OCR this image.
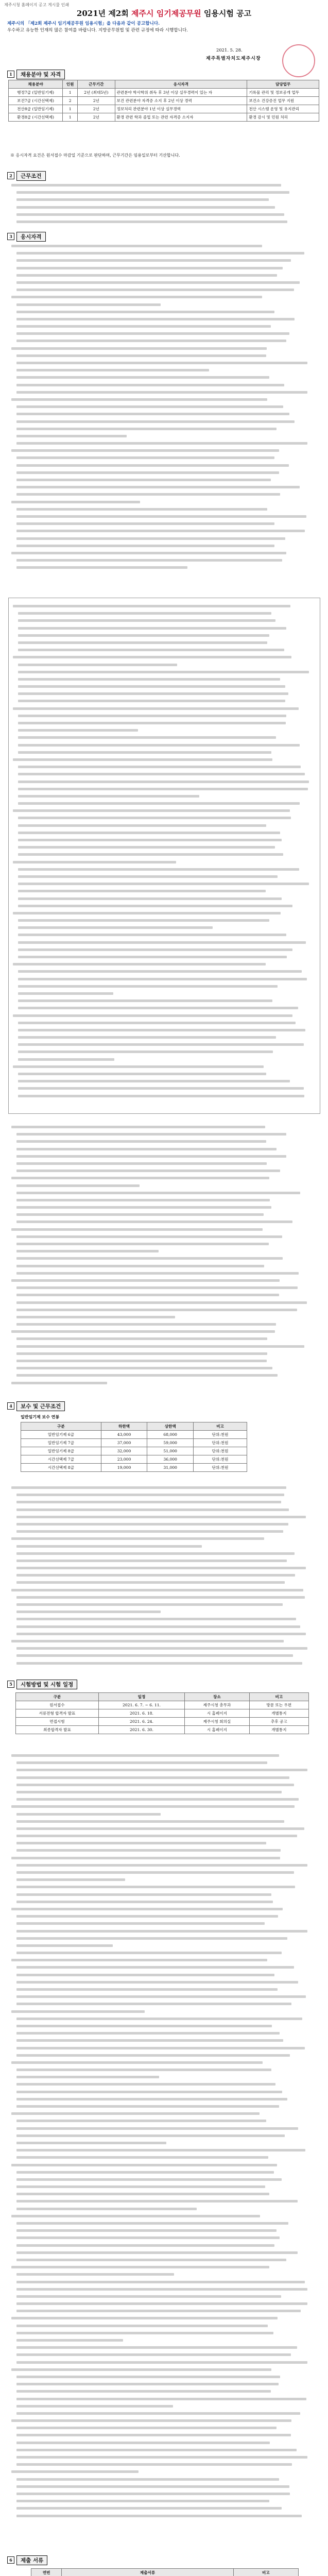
제주시청 홈페이지 공고 게시물 인쇄
2021년 제2회 제주시 임기제공무원 임용시험 공고
제주시의 「제2회 제주시 임기제공무원 임용시험」을 다음과 같이 공고합니다.
우수하고 유능한 인재의 많은 참여를 바랍니다. 지방공무원법 및 관련 규정에 따라 시행합니다.
2021. 5. 28.
제주특별자치도제주시장
1 채용분야 및 자격
채용분야	인원	근무기간	응시자격	담당업무
행정7급 (일반임기제)	1	2년 (최대5년)	관련분야 학사학위 취득 후 3년 이상 실무경력이 있는 자	기록물 관리 및 정보공개 업무
보건7급 (시간선택제)	2	2년	보건 관련분야 자격증 소지 후 2년 이상 경력	보건소 건강증진 업무 지원
전산8급 (일반임기제)	1	2년	정보처리 관련분야 1년 이상 실무경력	전산 시스템 운영 및 유지관리
환경8급 (시간선택제)	1	2년	환경 관련 학과 졸업 또는 관련 자격증 소지자	환경 감시 및 민원 처리
※ 응시자격 요건은 원서접수 마감일 기준으로 판단하며, 근무기간은 임용일로부터 기산합니다.
2 근무조건
3 응시자격
4 보수 및 근무조건
일반임기제 보수 연봉
구분	하한액	상한액	비고
일반임기제 6급	43,000	68,000	단위:천원
일반임기제 7급	37,000	59,000	단위:천원
일반임기제 8급	32,000	51,000	단위:천원
시간선택제 7급	23,000	36,000	단위:천원
시간선택제 8급	19,000	31,000	단위:천원
5 시험방법 및 시험 일정
구분	일정	장소	비고
원서접수	2021. 6. 7. ~ 6. 11.	제주시청 총무과	방문 또는 우편
서류전형 합격자 발표	2021. 6. 18.	시 홈페이지	개별통지
면접시험	2021. 6. 24.	제주시청 회의실	추후 공고
최종합격자 발표	2021. 6. 30.	시 홈페이지	개별통지
6 제출 서류
연번	제출서류	비고
